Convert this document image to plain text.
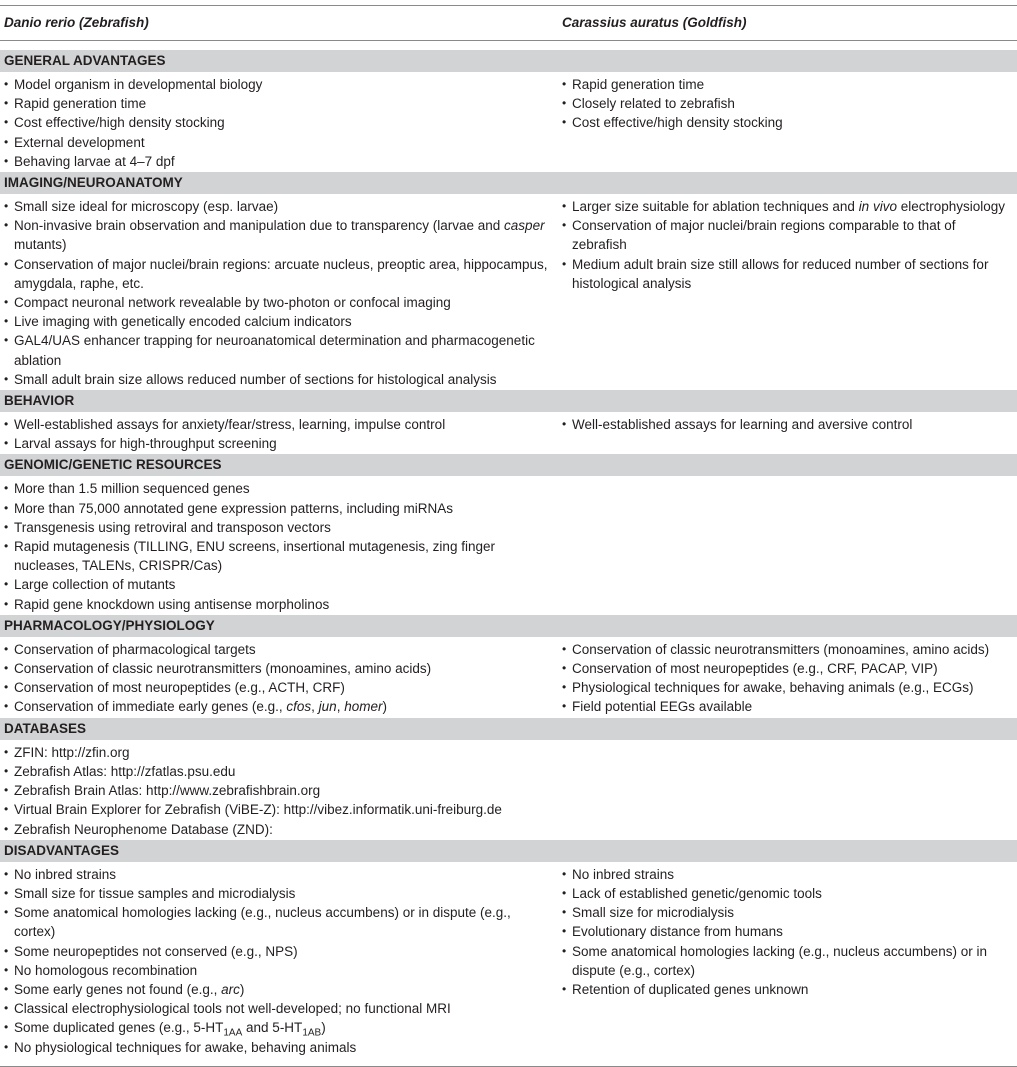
Danio rerio (Zebrafish)	Carassius auratus (Goldfish)
GENERAL ADVANTAGES
• Model organism in developmental biology
• Rapid generation time
• Cost effective/high density stocking
• External development
• Behaving larvae at 4–7 dpf
• Rapid generation time
• Closely related to zebrafish
• Cost effective/high density stocking
IMAGING/NEUROANATOMY
• Small size ideal for microscopy (esp. larvae)
• Non-invasive brain observation and manipulation due to transparency (larvae and casper mutants)
• Conservation of major nuclei/brain regions: arcuate nucleus, preoptic area, hippocampus, amygdala, raphe, etc.
• Compact neuronal network revealable by two-photon or confocal imaging
• Live imaging with genetically encoded calcium indicators
• GAL4/UAS enhancer trapping for neuroanatomical determination and pharmacogenetic ablation
• Small adult brain size allows reduced number of sections for histological analysis
• Larger size suitable for ablation techniques and in vivo electrophysiology
• Conservation of major nuclei/brain regions comparable to that of zebrafish
• Medium adult brain size still allows for reduced number of sections for histological analysis
BEHAVIOR
• Well-established assays for anxiety/fear/stress, learning, impulse control
• Larval assays for high-throughput screening
• Well-established assays for learning and aversive control
GENOMIC/GENETIC RESOURCES
• More than 1.5 million sequenced genes
• More than 75,000 annotated gene expression patterns, including miRNAs
• Transgenesis using retroviral and transposon vectors
• Rapid mutagenesis (TILLING, ENU screens, insertional mutagenesis, zing finger nucleases, TALENs, CRISPR/Cas)
• Large collection of mutants
• Rapid gene knockdown using antisense morpholinos
PHARMACOLOGY/PHYSIOLOGY
• Conservation of pharmacological targets
• Conservation of classic neurotransmitters (monoamines, amino acids)
• Conservation of most neuropeptides (e.g., ACTH, CRF)
• Conservation of immediate early genes (e.g., cfos, jun, homer)
• Conservation of classic neurotransmitters (monoamines, amino acids)
• Conservation of most neuropeptides (e.g., CRF, PACAP, VIP)
• Physiological techniques for awake, behaving animals (e.g., ECGs)
• Field potential EEGs available
DATABASES
• ZFIN: http://zfin.org
• Zebrafish Atlas: http://zfatlas.psu.edu
• Zebrafish Brain Atlas: http://www.zebrafishbrain.org
• Virtual Brain Explorer for Zebrafish (ViBE-Z): http://vibez.informatik.uni-freiburg.de
• Zebrafish Neurophenome Database (ZND):
DISADVANTAGES
• No inbred strains
• Small size for tissue samples and microdialysis
• Some anatomical homologies lacking (e.g., nucleus accumbens) or in dispute (e.g., cortex)
• Some neuropeptides not conserved (e.g., NPS)
• No homologous recombination
• Some early genes not found (e.g., arc)
• Classical electrophysiological tools not well-developed; no functional MRI
• Some duplicated genes (e.g., $5-HT_{1AA}$ and $5-HT_{1AB}$)
• No physiological techniques for awake, behaving animals
• No inbred strains
• Lack of established genetic/genomic tools
• Small size for microdialysis
• Evolutionary distance from humans
• Some anatomical homologies lacking (e.g., nucleus accumbens) or in dispute (e.g., cortex)
• Retention of duplicated genes unknown
